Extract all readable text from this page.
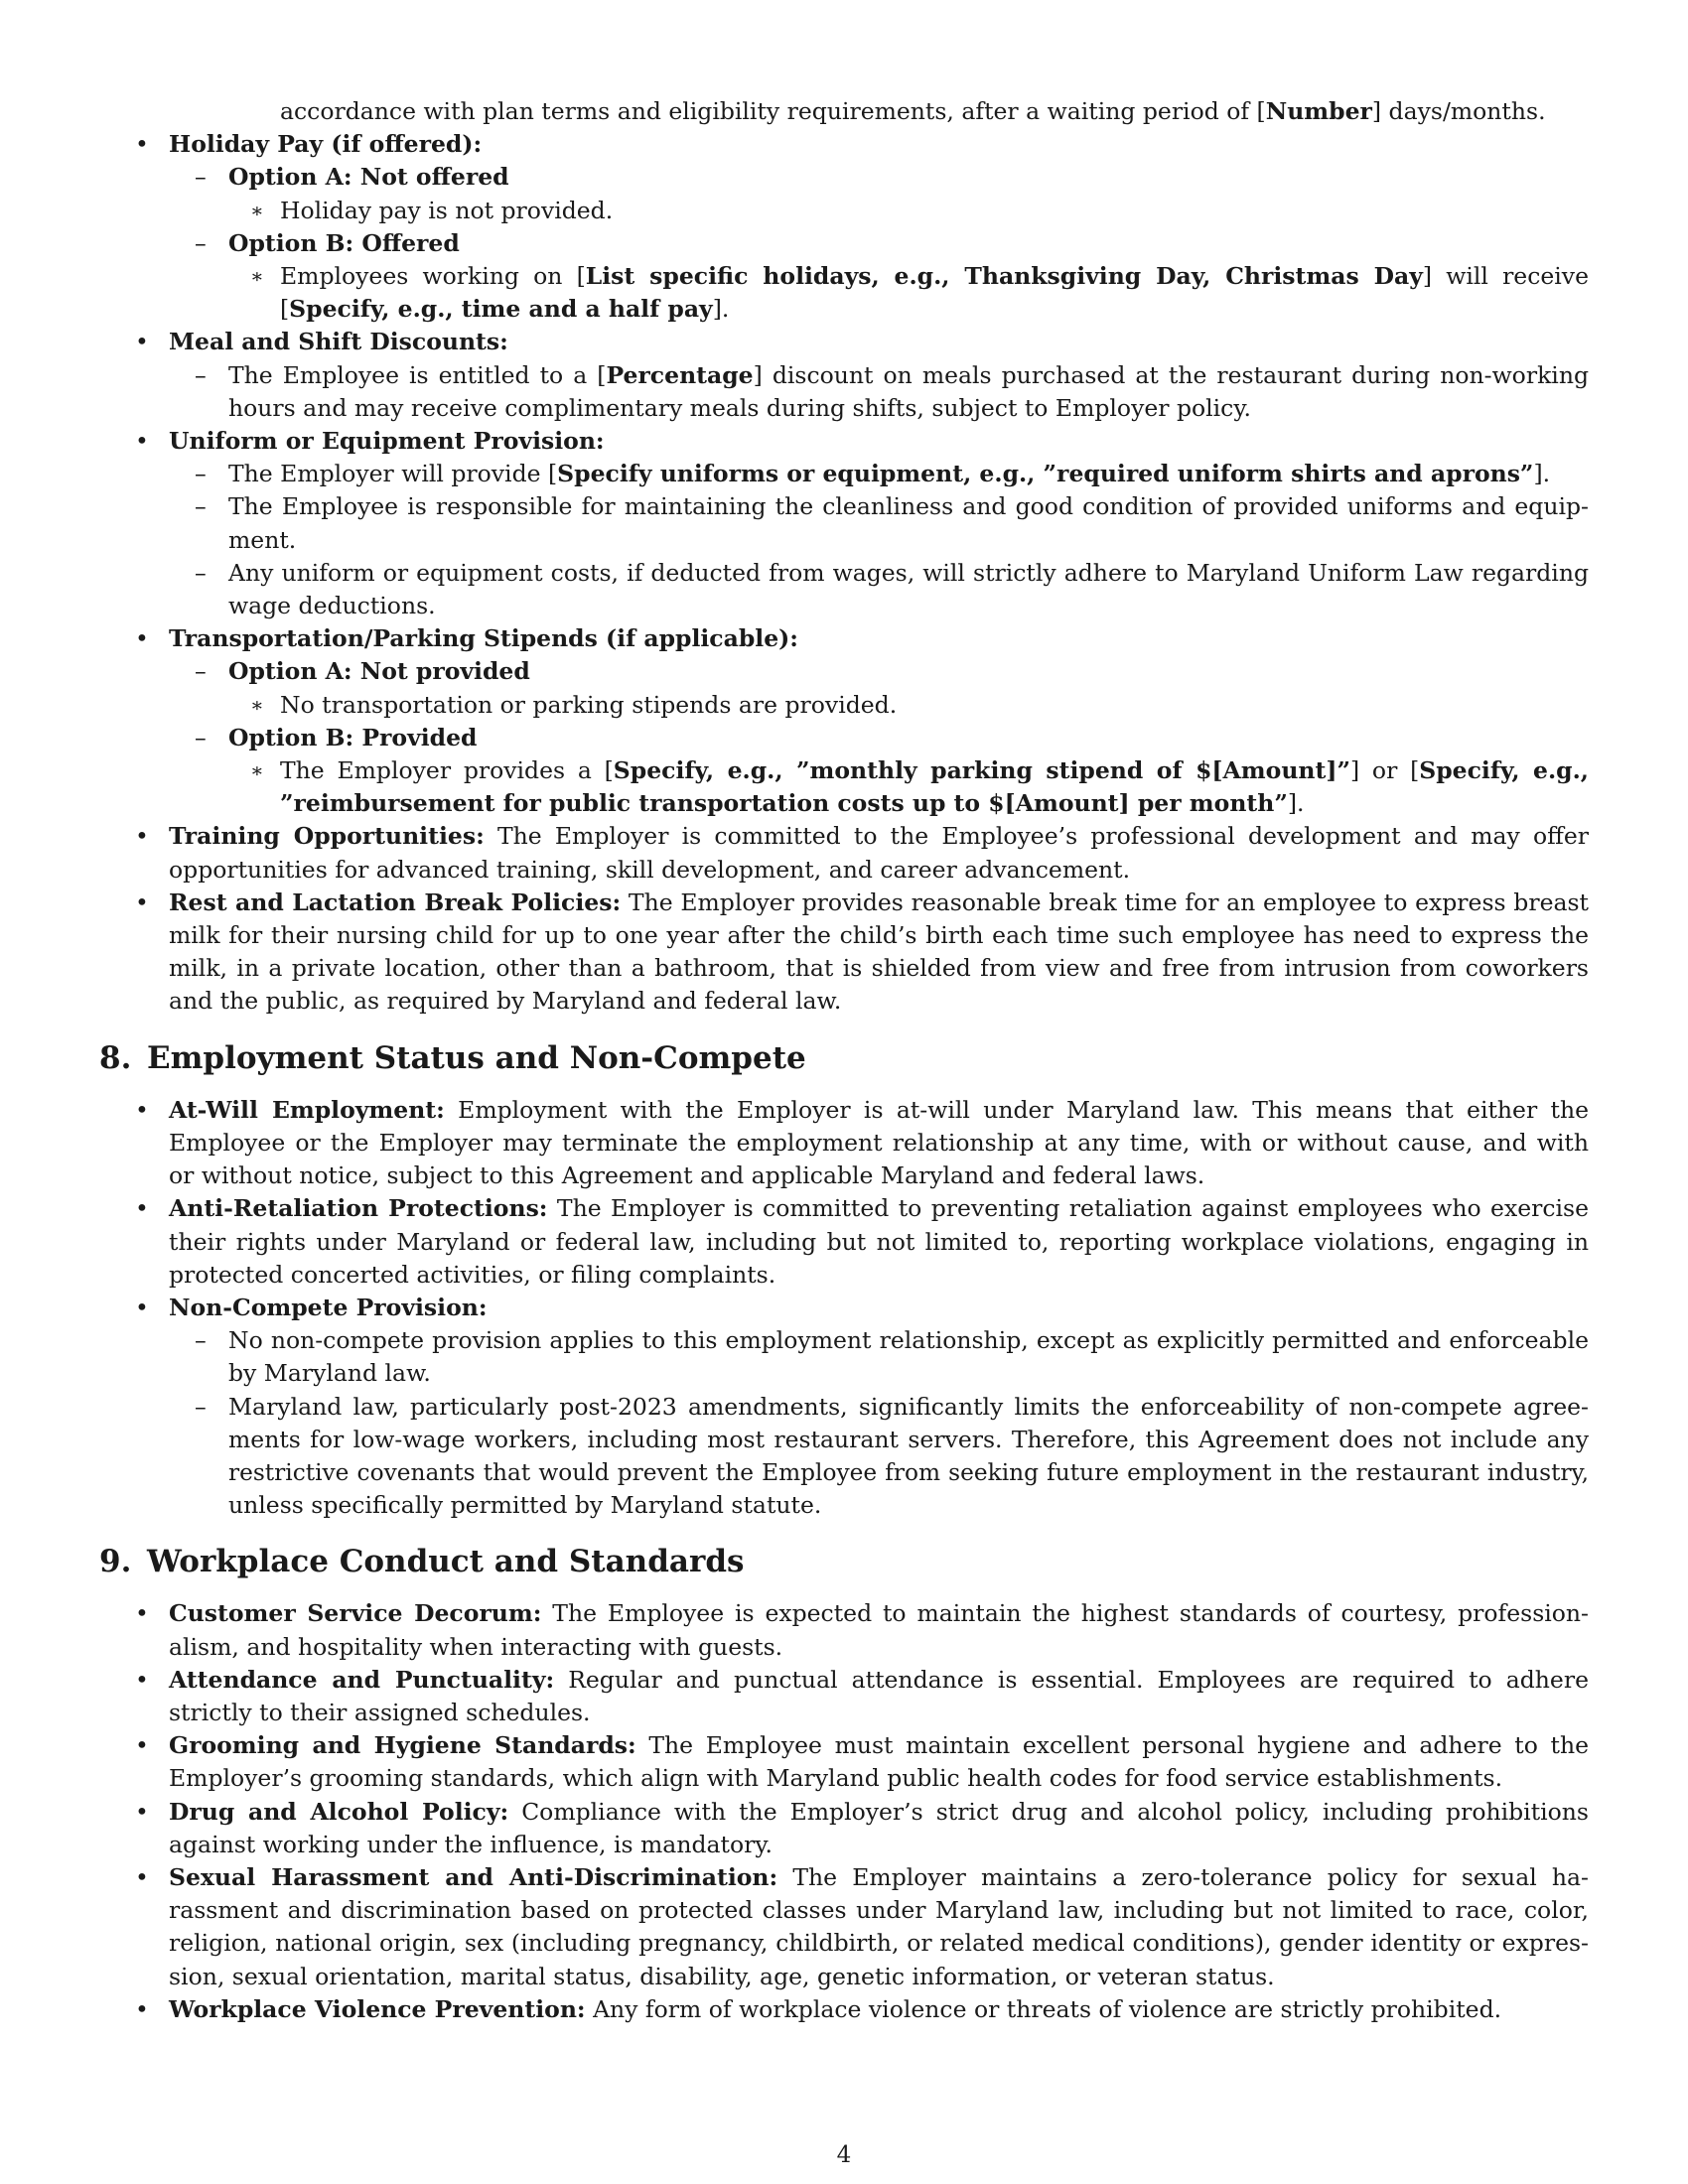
accordance with plan terms and eligibility requirements, after a waiting period of [Number] days/months.
• Holiday Pay (if offered):
– Option A: Not offered
∗ Holiday pay is not provided.
– Option B: Offered
∗ Employees working on [List specific holidays, e.g., Thanksgiving Day, Christmas Day] will receive
[Specify, e.g., time and a half pay].
• Meal and Shift Discounts:
– The Employee is entitled to a [Percentage] discount on meals purchased at the restaurant during non-working
hours and may receive complimentary meals during shifts, subject to Employer policy.
• Uniform or Equipment Provision:
– The Employer will provide [Specify uniforms or equipment, e.g., ”required uniform shirts and aprons”].
– The Employee is responsible for maintaining the cleanliness and good condition of provided uniforms and equip-
ment.
– Any uniform or equipment costs, if deducted from wages, will strictly adhere to Maryland Uniform Law regarding
wage deductions.
• Transportation/Parking Stipends (if applicable):
– Option A: Not provided
∗ No transportation or parking stipends are provided.
– Option B: Provided
∗ The Employer provides a [Specify, e.g., ”monthly parking stipend of $[Amount]”] or [Specify, e.g.,
”reimbursement for public transportation costs up to $[Amount] per month”].
• Training Opportunities: The Employer is committed to the Employee’s professional development and may offer
opportunities for advanced training, skill development, and career advancement.
• Rest and Lactation Break Policies: The Employer provides reasonable break time for an employee to express breast
milk for their nursing child for up to one year after the child’s birth each time such employee has need to express the
milk, in a private location, other than a bathroom, that is shielded from view and free from intrusion from coworkers
and the public, as required by Maryland and federal law.
8. Employment Status and Non-Compete
• At-Will Employment: Employment with the Employer is at-will under Maryland law. This means that either the
Employee or the Employer may terminate the employment relationship at any time, with or without cause, and with
or without notice, subject to this Agreement and applicable Maryland and federal laws.
• Anti-Retaliation Protections: The Employer is committed to preventing retaliation against employees who exercise
their rights under Maryland or federal law, including but not limited to, reporting workplace violations, engaging in
protected concerted activities, or filing complaints.
• Non-Compete Provision:
– No non-compete provision applies to this employment relationship, except as explicitly permitted and enforceable
by Maryland law.
– Maryland law, particularly post-2023 amendments, significantly limits the enforceability of non-compete agree-
ments for low-wage workers, including most restaurant servers. Therefore, this Agreement does not include any
restrictive covenants that would prevent the Employee from seeking future employment in the restaurant industry,
unless specifically permitted by Maryland statute.
9. Workplace Conduct and Standards
• Customer Service Decorum: The Employee is expected to maintain the highest standards of courtesy, profession-
alism, and hospitality when interacting with guests.
• Attendance and Punctuality: Regular and punctual attendance is essential. Employees are required to adhere
strictly to their assigned schedules.
• Grooming and Hygiene Standards: The Employee must maintain excellent personal hygiene and adhere to the
Employer’s grooming standards, which align with Maryland public health codes for food service establishments.
• Drug and Alcohol Policy: Compliance with the Employer’s strict drug and alcohol policy, including prohibitions
against working under the influence, is mandatory.
• Sexual Harassment and Anti-Discrimination: The Employer maintains a zero-tolerance policy for sexual ha-
rassment and discrimination based on protected classes under Maryland law, including but not limited to race, color,
religion, national origin, sex (including pregnancy, childbirth, or related medical conditions), gender identity or expres-
sion, sexual orientation, marital status, disability, age, genetic information, or veteran status.
• Workplace Violence Prevention: Any form of workplace violence or threats of violence are strictly prohibited.
4
